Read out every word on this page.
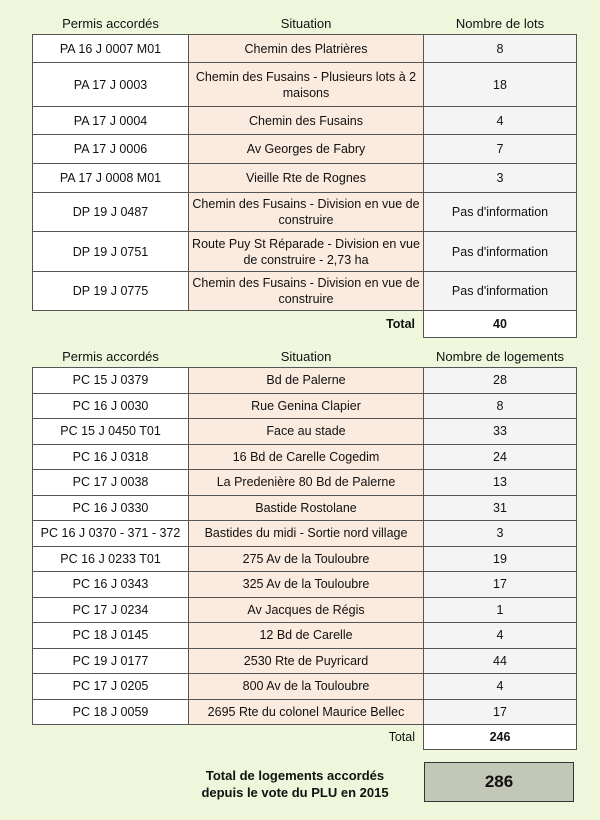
Permis accordés	Situation	Nombre de lots
PA 16 J 0007 M01	Chemin des Platrières	8
PA 17 J 0003	Chemin des Fusains - Plusieurs lots à 2 maisons	18
PA 17 J 0004	Chemin des Fusains	4
PA 17 J 0006	Av Georges de Fabry	7
PA 17 J 0008 M01	Vieille Rte de Rognes	3
DP 19 J 0487	Chemin des Fusains - Division en vue de construire	Pas d'information
DP 19 J 0751	Route Puy St Réparade - Division en vue de construire - 2,73 ha	Pas d'information
DP 19 J 0775	Chemin des Fusains - Division en vue de construire	Pas d'information
	Total	40
Permis accordés	Situation	Nombre de logements
PC 15 J 0379	Bd de Palerne	28
PC 16 J 0030	Rue Genina Clapier	8
PC 15 J 0450 T01	Face au stade	33
PC 16 J 0318	16 Bd de Carelle Cogedim	24
PC 17 J 0038	La Predenière 80 Bd de Palerne	13
PC 16 J 0330	Bastide Rostolane	31
PC 16 J 0370 - 371 - 372	Bastides du midi - Sortie nord village	3
PC 16 J 0233 T01	275 Av de la Touloubre	19
PC 16 J 0343	325 Av de la Touloubre	17
PC 17 J 0234	Av Jacques de Régis	1
PC 18 J 0145	12 Bd de Carelle	4
PC 19 J 0177	2530 Rte de Puyricard	44
PC 17 J 0205	800 Av de la Touloubre	4
PC 18 J 0059	2695 Rte du colonel Maurice Bellec	17
	Total	246
Total de logements accordés
depuis le vote du PLU en 2015
286
